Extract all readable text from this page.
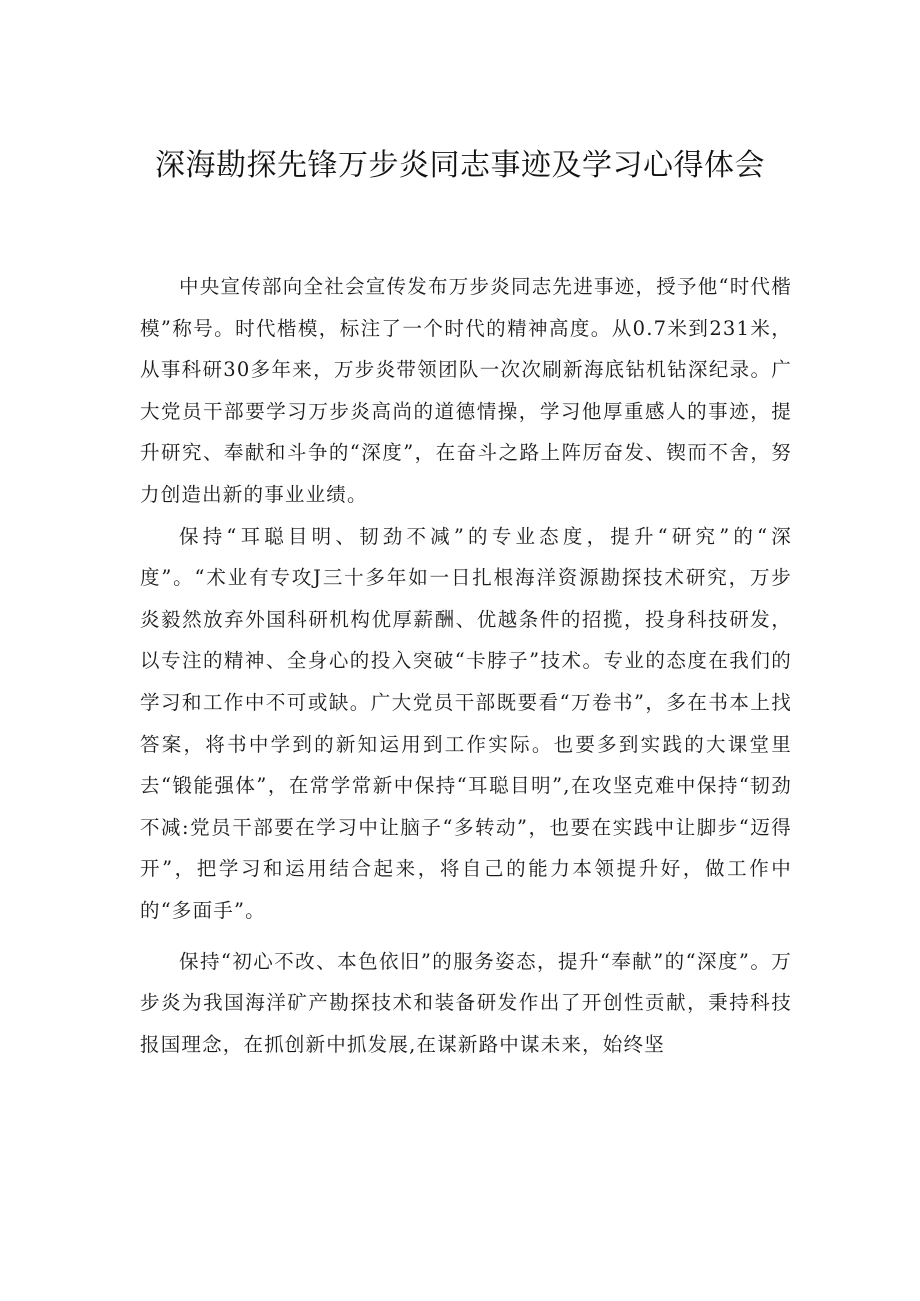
深海勘探先锋万步炎同志事迹及学习心得体会

中央宣传部向全社会宣传发布万步炎同志先进事迹，授予他“时代楷模”称号。时代楷模，标注了一个时代的精神高度。从0.7米到231米，从事科研30多年来，万步炎带领团队一次次刷新海底钻机钻深纪录。广大党员干部要学习万步炎高尚的道德情操，学习他厚重感人的事迹，提升研究、奉献和斗争的“深度”，在奋斗之路上阵厉奋发、锲而不舍，努力创造出新的事业业绩。

保持“耳聪目明、韧劲不减”的专业态度，提升“研究”的“深度”。“术业有专攻J三十多年如一日扎根海洋资源勘探技术研究，万步炎毅然放弃外国科研机构优厚薪酬、优越条件的招揽，投身科技研发，以专注的精神、全身心的投入突破“卡脖子”技术。专业的态度在我们的学习和工作中不可或缺。广大党员干部既要看“万卷书”，多在书本上找答案，将书中学到的新知运用到工作实际。也要多到实践的大课堂里去“锻能强体”，在常学常新中保持“耳聪目明”,在攻坚克难中保持“韧劲不减:党员干部要在学习中让脑子“多转动”，也要在实践中让脚步“迈得开”，把学习和运用结合起来，将自己的能力本领提升好，做工作中的“多面手”。

保持“初心不改、本色依旧”的服务姿态，提升“奉献”的“深度”。万步炎为我国海洋矿产勘探技术和装备研发作出了开创性贡献，秉持科技报国理念，在抓创新中抓发展,在谋新路中谋未来，始终坚
